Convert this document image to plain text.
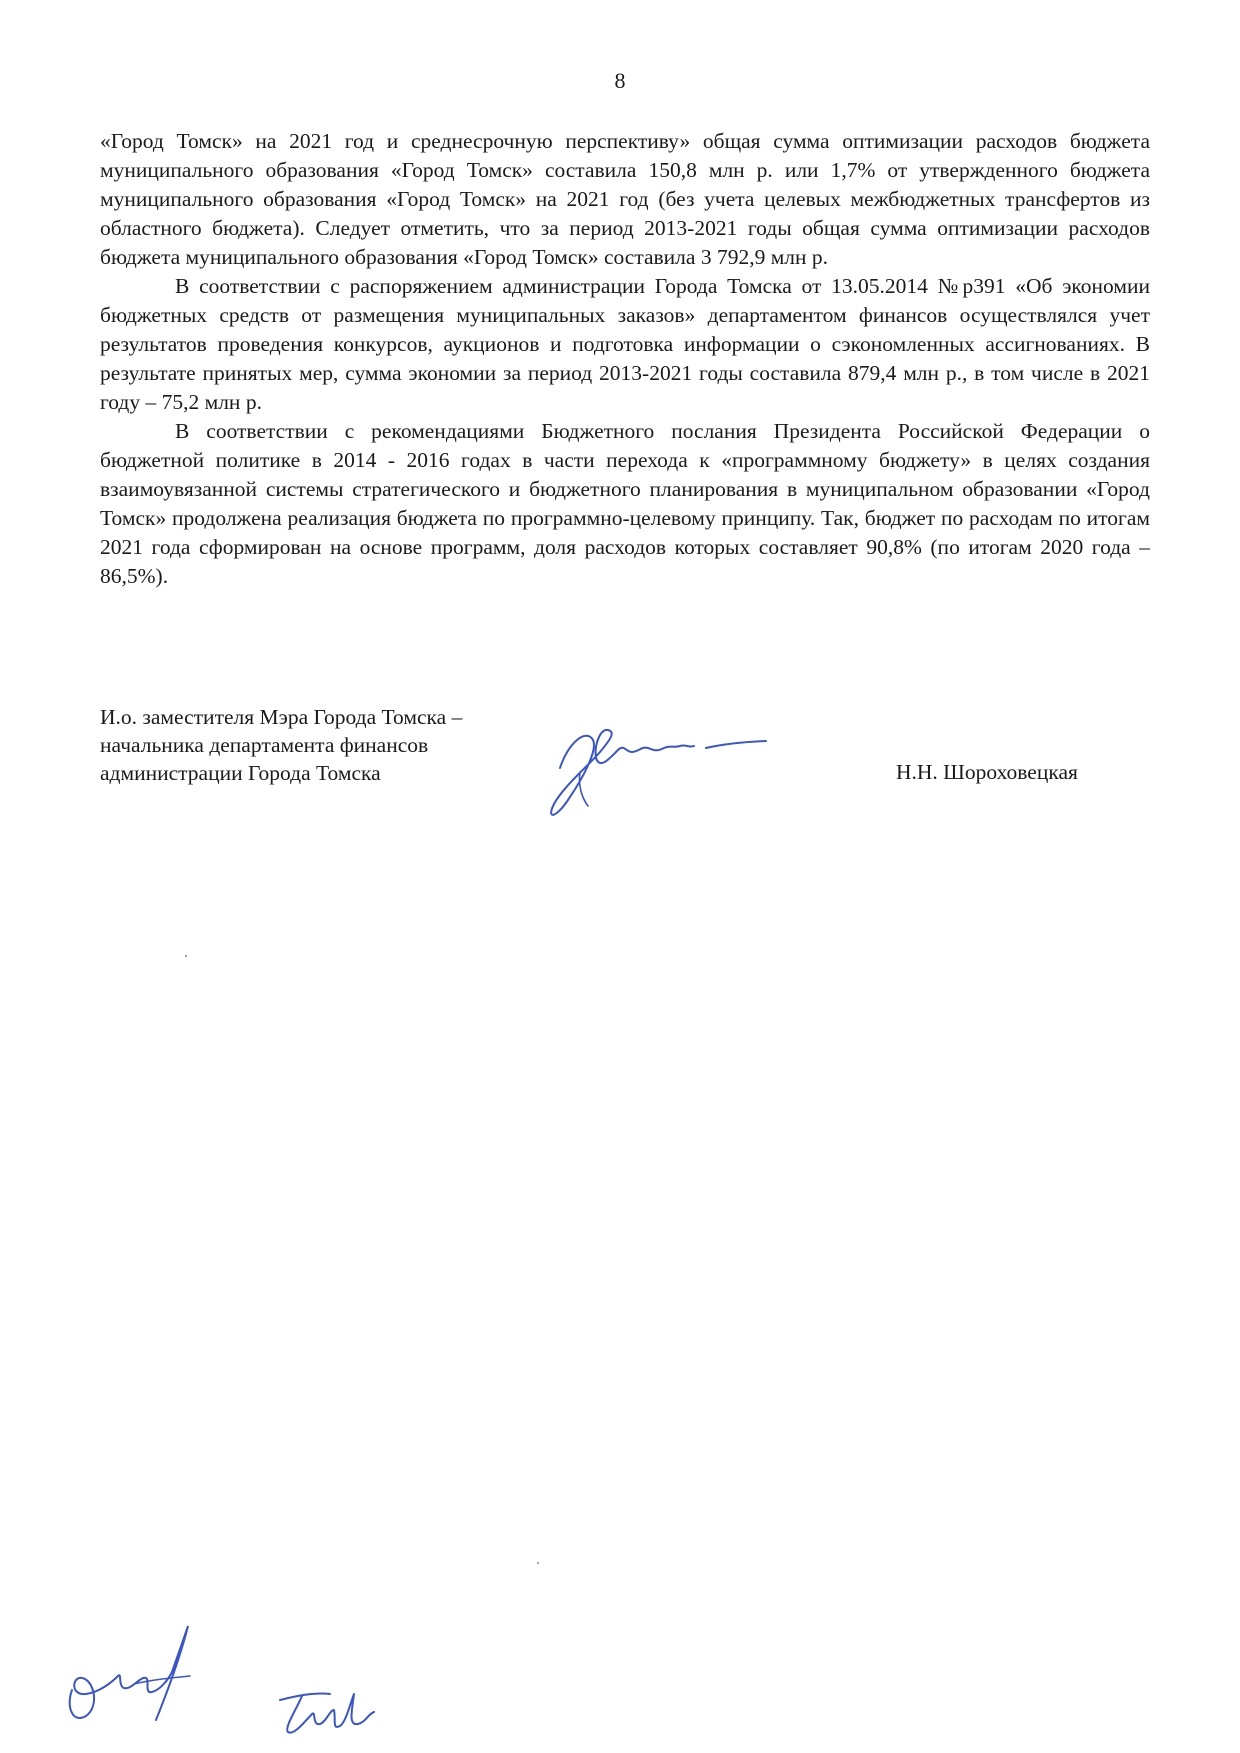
8

«Город Томск» на 2021 год и среднесрочную перспективу» общая сумма оптимизации расходов бюджета муниципального образования «Город Томск» составила 150,8 млн р. или 1,7% от утвержденного бюджета муниципального образования «Город Томск» на 2021 год (без учета целевых межбюджетных трансфертов из областного бюджета). Следует отметить, что за период 2013-2021 годы общая сумма оптимизации расходов бюджета муниципального образования «Город Томск» составила 3 792,9 млн р.

В соответствии с распоряжением администрации Города Томска от 13.05.2014 №р391 «Об экономии бюджетных средств от размещения муниципальных заказов» департаментом финансов осуществлялся учет результатов проведения конкурсов, аукционов и подготовка информации о сэкономленных ассигнованиях. В результате принятых мер, сумма экономии за период 2013-2021 годы составила 879,4 млн р., в том числе в 2021 году – 75,2 млн р.

В соответствии с рекомендациями Бюджетного послания Президента Российской Федерации о бюджетной политике в 2014 - 2016 годах в части перехода к «программному бюджету» в целях создания взаимоувязанной системы стратегического и бюджетного планирования в муниципальном образовании «Город Томск» продолжена реализация бюджета по программно-целевому принципу. Так, бюджет по расходам по итогам 2021 года сформирован на основе программ, доля расходов которых составляет 90,8% (по итогам 2020 года – 86,5%).

И.о. заместителя Мэра Города Томска –
начальника департамента финансов
администрации Города Томска	Н.Н. Шороховецкая
